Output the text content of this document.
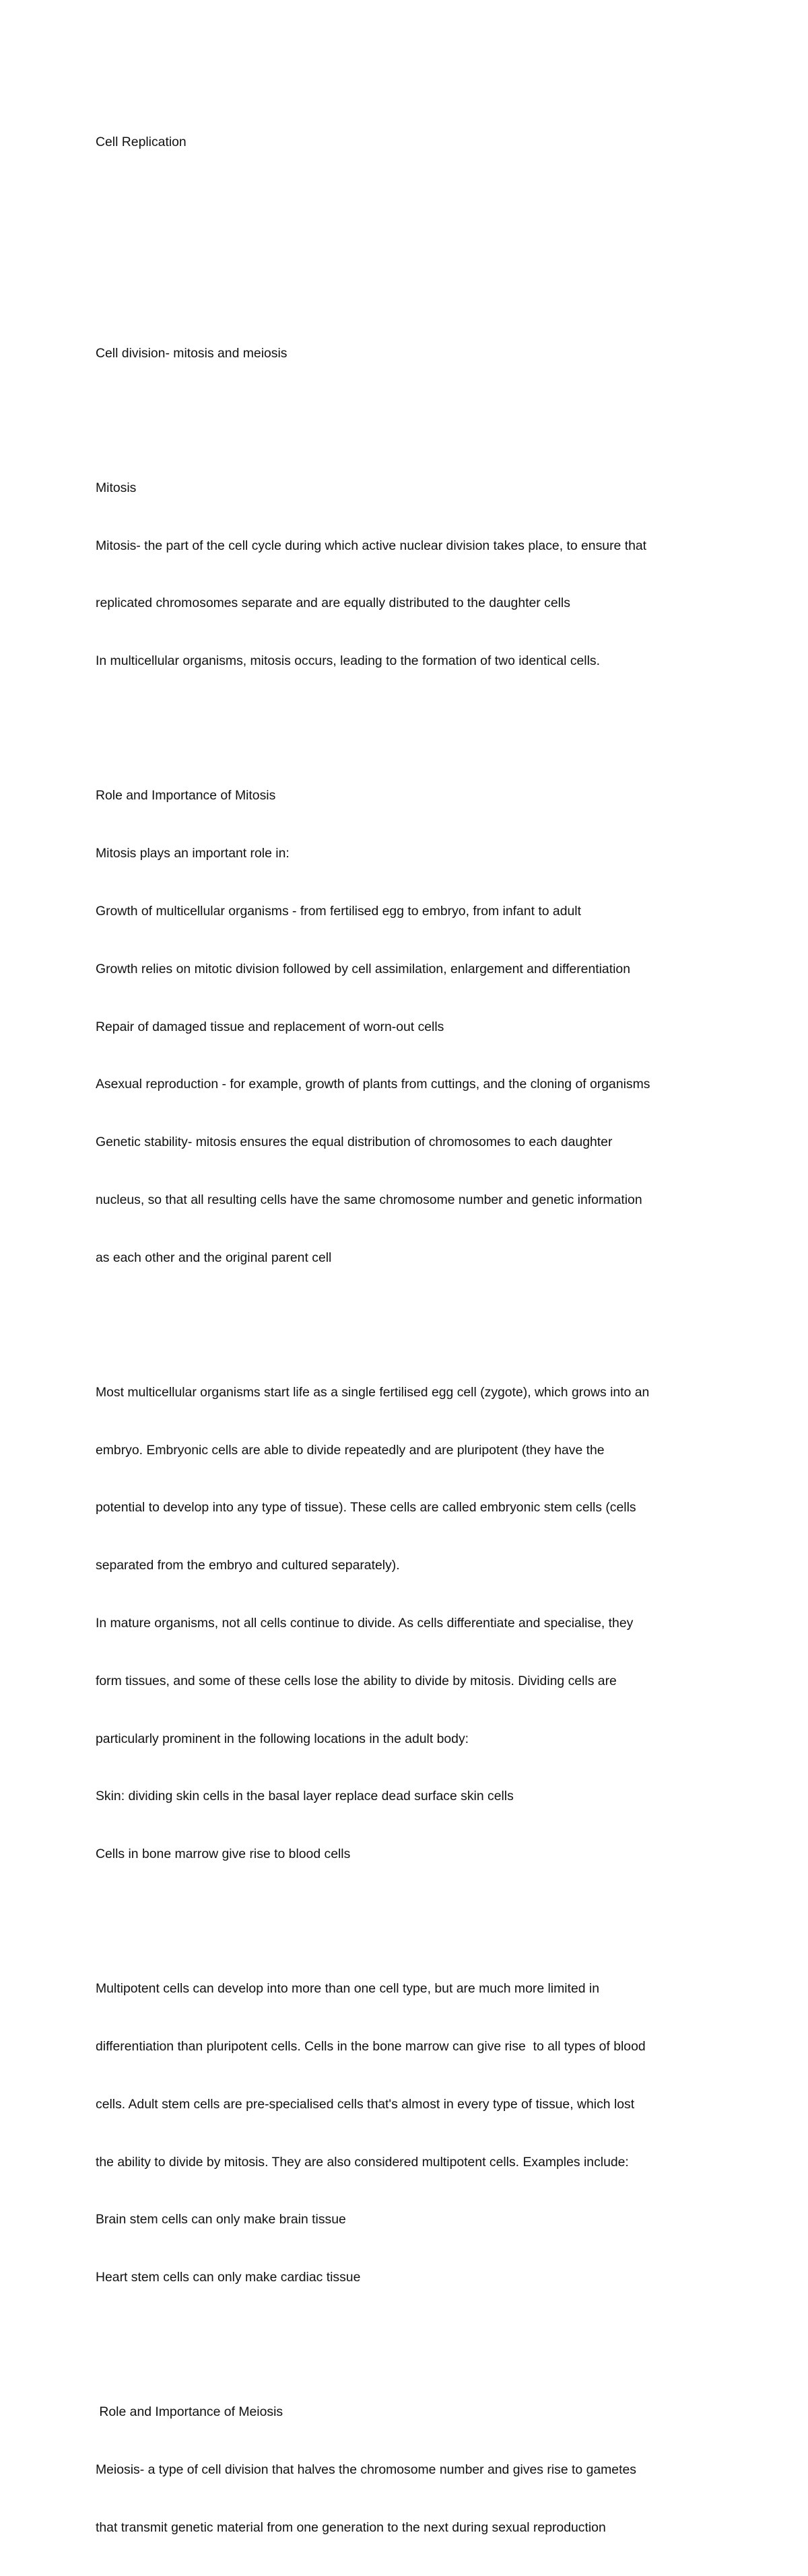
Cell Replication

Cell division- mitosis and meiosis

Mitosis

Mitosis- the part of the cell cycle during which active nuclear division takes place, to ensure that

replicated chromosomes separate and are equally distributed to the daughter cells

In multicellular organisms, mitosis occurs, leading to the formation of two identical cells.

Role and Importance of Mitosis

Mitosis plays an important role in:

Growth of multicellular organisms - from fertilised egg to embryo, from infant to adult

Growth relies on mitotic division followed by cell assimilation, enlargement and differentiation

Repair of damaged tissue and replacement of worn-out cells

Asexual reproduction - for example, growth of plants from cuttings, and the cloning of organisms

Genetic stability- mitosis ensures the equal distribution of chromosomes to each daughter

nucleus, so that all resulting cells have the same chromosome number and genetic information

as each other and the original parent cell

Most multicellular organisms start life as a single fertilised egg cell (zygote), which grows into an

embryo. Embryonic cells are able to divide repeatedly and are pluripotent (they have the

potential to develop into any type of tissue). These cells are called embryonic stem cells (cells

separated from the embryo and cultured separately).

In mature organisms, not all cells continue to divide. As cells differentiate and specialise, they

form tissues, and some of these cells lose the ability to divide by mitosis. Dividing cells are

particularly prominent in the following locations in the adult body:

Skin: dividing skin cells in the basal layer replace dead surface skin cells

Cells in bone marrow give rise to blood cells

Multipotent cells can develop into more than one cell type, but are much more limited in

differentiation than pluripotent cells. Cells in the bone marrow can give rise  to all types of blood

cells. Adult stem cells are pre-specialised cells that's almost in every type of tissue, which lost

the ability to divide by mitosis. They are also considered multipotent cells. Examples include:

Brain stem cells can only make brain tissue

Heart stem cells can only make cardiac tissue

Role and Importance of Meiosis

Meiosis- a type of cell division that halves the chromosome number and gives rise to gametes

that transmit genetic material from one generation to the next during sexual reproduction
